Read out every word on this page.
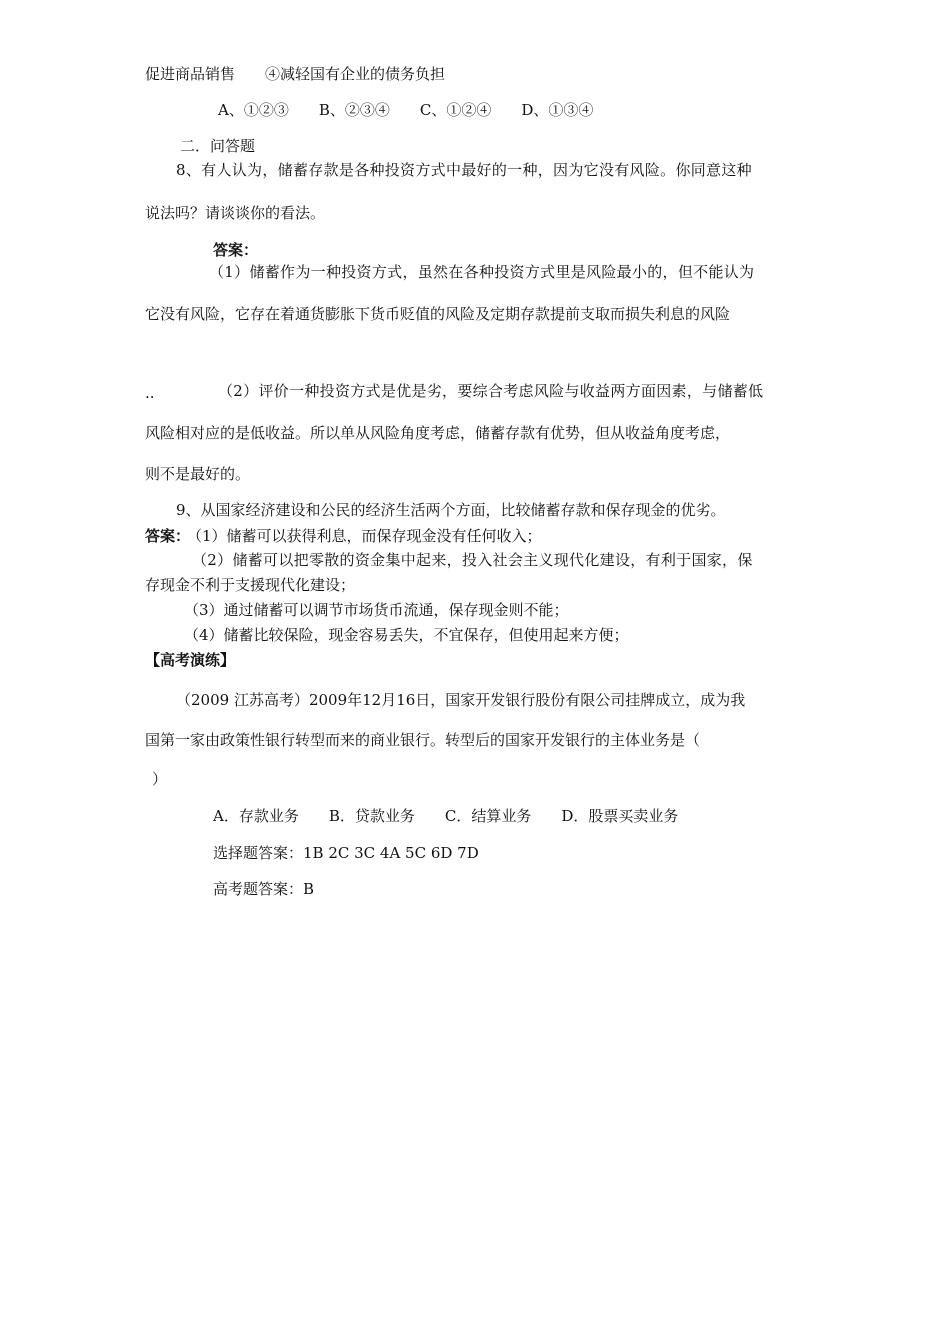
促进商品销售　　④减轻国有企业的债务负担
A、①②③　　B、②③④　　C、①②④　　D、①③④
二．问答题
8、有人认为，储蓄存款是各种投资方式中最好的一种，因为它没有风险。你同意这种
说法吗？请谈谈你的看法。
答案：
（1）储蓄作为一种投资方式，虽然在各种投资方式里是风险最小的，但不能认为
它没有风险，它存在着通货膨胀下货币贬值的风险及定期存款提前支取而损失利息的风险
..	（2）评价一种投资方式是优是劣，要综合考虑风险与收益两方面因素，与储蓄低
风险相对应的是低收益。所以单从风险角度考虑，储蓄存款有优势，但从收益角度考虑，
则不是最好的。
9、从国家经济建设和公民的经济生活两个方面，比较储蓄存款和保存现金的优劣。
答案：
（1）储蓄可以获得利息，而保存现金没有任何收入；
（2）储蓄可以把零散的资金集中起来，投入社会主义现代化建设，有利于国家，保
存现金不利于支援现代化建设；
（3）通过储蓄可以调节市场货币流通，保存现金则不能；
（4）储蓄比较保险，现金容易丢失，不宜保存，但使用起来方便；
【高考演练】
（2009 江苏高考）2009年12月16日，国家开发银行股份有限公司挂牌成立，成为我
国第一家由政策性银行转型而来的商业银行。转型后的国家开发银行的主体业务是（
）
A．存款业务　　B．贷款业务　　C．结算业务　　D．股票买卖业务
选择题答案：1B 2C 3C 4A 5C 6D 7D
高考题答案：B
